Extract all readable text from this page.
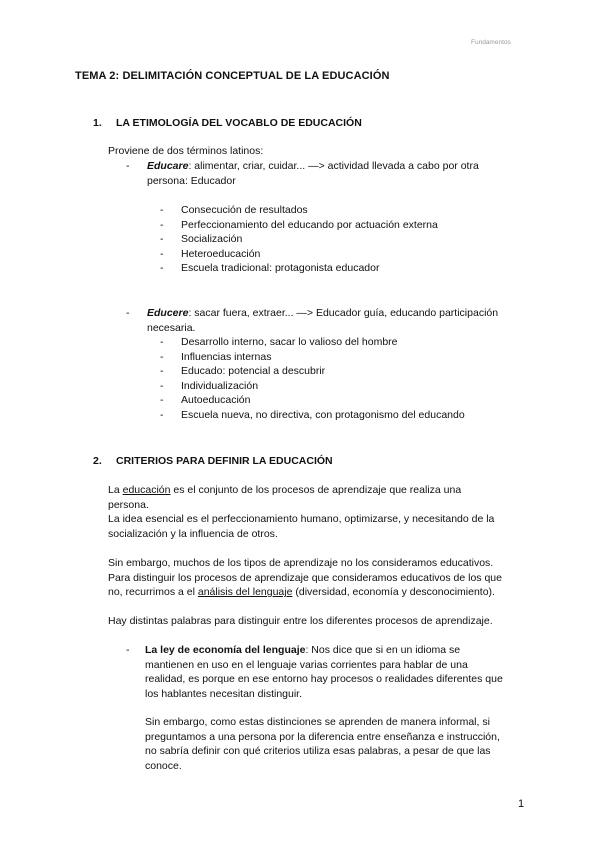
Fundamentos
TEMA 2: DELIMITACIÓN CONCEPTUAL DE LA EDUCACIÓN
1. LA ETIMOLOGÍA DEL VOCABLO DE EDUCACIÓN
Proviene de dos términos latinos:
- Educare: alimentar, criar, cuidar... —> actividad llevada a cabo por otra
persona: Educador
- Consecución de resultados
- Perfeccionamiento del educando por actuación externa
- Socialización
- Heteroeducación
- Escuela tradicional: protagonista educador
- Educere: sacar fuera, extraer... —> Educador guía, educando participación
necesaria.
- Desarrollo interno, sacar lo valioso del hombre
- Influencias internas
- Educado: potencial a descubrir
- Individualización
- Autoeducación
- Escuela nueva, no directiva, con protagonismo del educando
2. CRITERIOS PARA DEFINIR LA EDUCACIÓN
La educación es el conjunto de los procesos de aprendizaje que realiza una
persona.
La idea esencial es el perfeccionamiento humano, optimizarse, y necesitando de la
socialización y la influencia de otros.
Sin embargo, muchos de los tipos de aprendizaje no los consideramos educativos.
Para distinguir los procesos de aprendizaje que consideramos educativos de los que
no, recurrimos a el análisis del lenguaje (diversidad, economía y desconocimiento).
Hay distintas palabras para distinguir entre los diferentes procesos de aprendizaje.
- La ley de economía del lenguaje: Nos dice que si en un idioma se
mantienen en uso en el lenguaje varias corrientes para hablar de una
realidad, es porque en ese entorno hay procesos o realidades diferentes que
los hablantes necesitan distinguir.
Sin embargo, como estas distinciones se aprenden de manera informal, si
preguntamos a una persona por la diferencia entre enseñanza e instrucción,
no sabría definir con qué criterios utiliza esas palabras, a pesar de que las
conoce.
1
